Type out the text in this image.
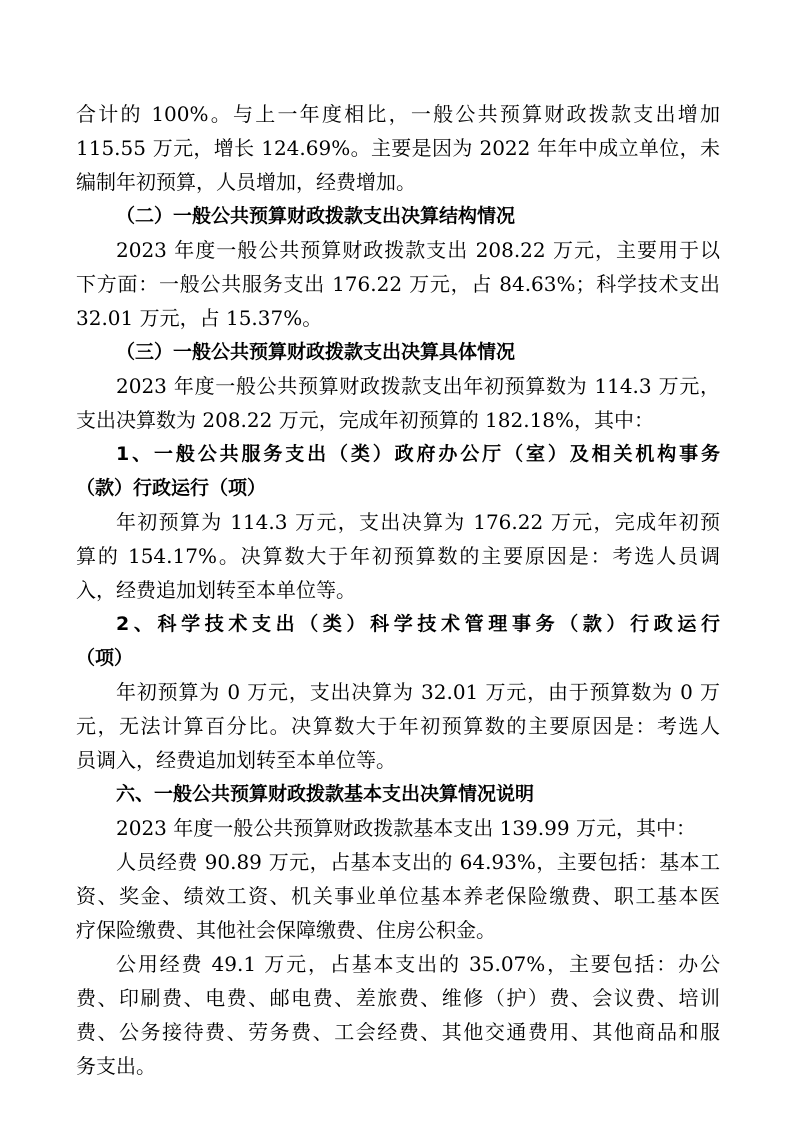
合计的 100%。与上一年度相比，一般公共预算财政拨款支出增加
115.55 万元，增长 124.69%。主要是因为 2022 年年中成立单位，未
编制年初预算，人员增加，经费增加。
（二）一般公共预算财政拨款支出决算结构情况
2023 年度一般公共预算财政拨款支出 208.22 万元，主要用于以
下方面：一般公共服务支出 176.22 万元，占 84.63%；科学技术支出
32.01 万元，占 15.37%。
（三）一般公共预算财政拨款支出决算具体情况
2023 年度一般公共预算财政拨款支出年初预算数为 114.3 万元，
支出决算数为 208.22 万元，完成年初预算的 182.18%，其中：
1、一般公共服务支出（类）政府办公厅（室）及相关机构事务
（款）行政运行（项）
年初预算为 114.3 万元，支出决算为 176.22 万元，完成年初预
算的 154.17%。决算数大于年初预算数的主要原因是：考选人员调
入，经费追加划转至本单位等。
2、科学技术支出（类）科学技术管理事务（款）行政运行
（项）
年初预算为 0 万元，支出决算为 32.01 万元，由于预算数为 0 万
元，无法计算百分比。决算数大于年初预算数的主要原因是：考选人
员调入，经费追加划转至本单位等。
六、一般公共预算财政拨款基本支出决算情况说明
2023 年度一般公共预算财政拨款基本支出 139.99 万元，其中：
人员经费 90.89 万元，占基本支出的 64.93%，主要包括：基本工
资、奖金、绩效工资、机关事业单位基本养老保险缴费、职工基本医
疗保险缴费、其他社会保障缴费、住房公积金。
公用经费 49.1 万元，占基本支出的 35.07%，主要包括：办公
费、印刷费、电费、邮电费、差旅费、维修（护）费、会议费、培训
费、公务接待费、劳务费、工会经费、其他交通费用、其他商品和服
务支出。
